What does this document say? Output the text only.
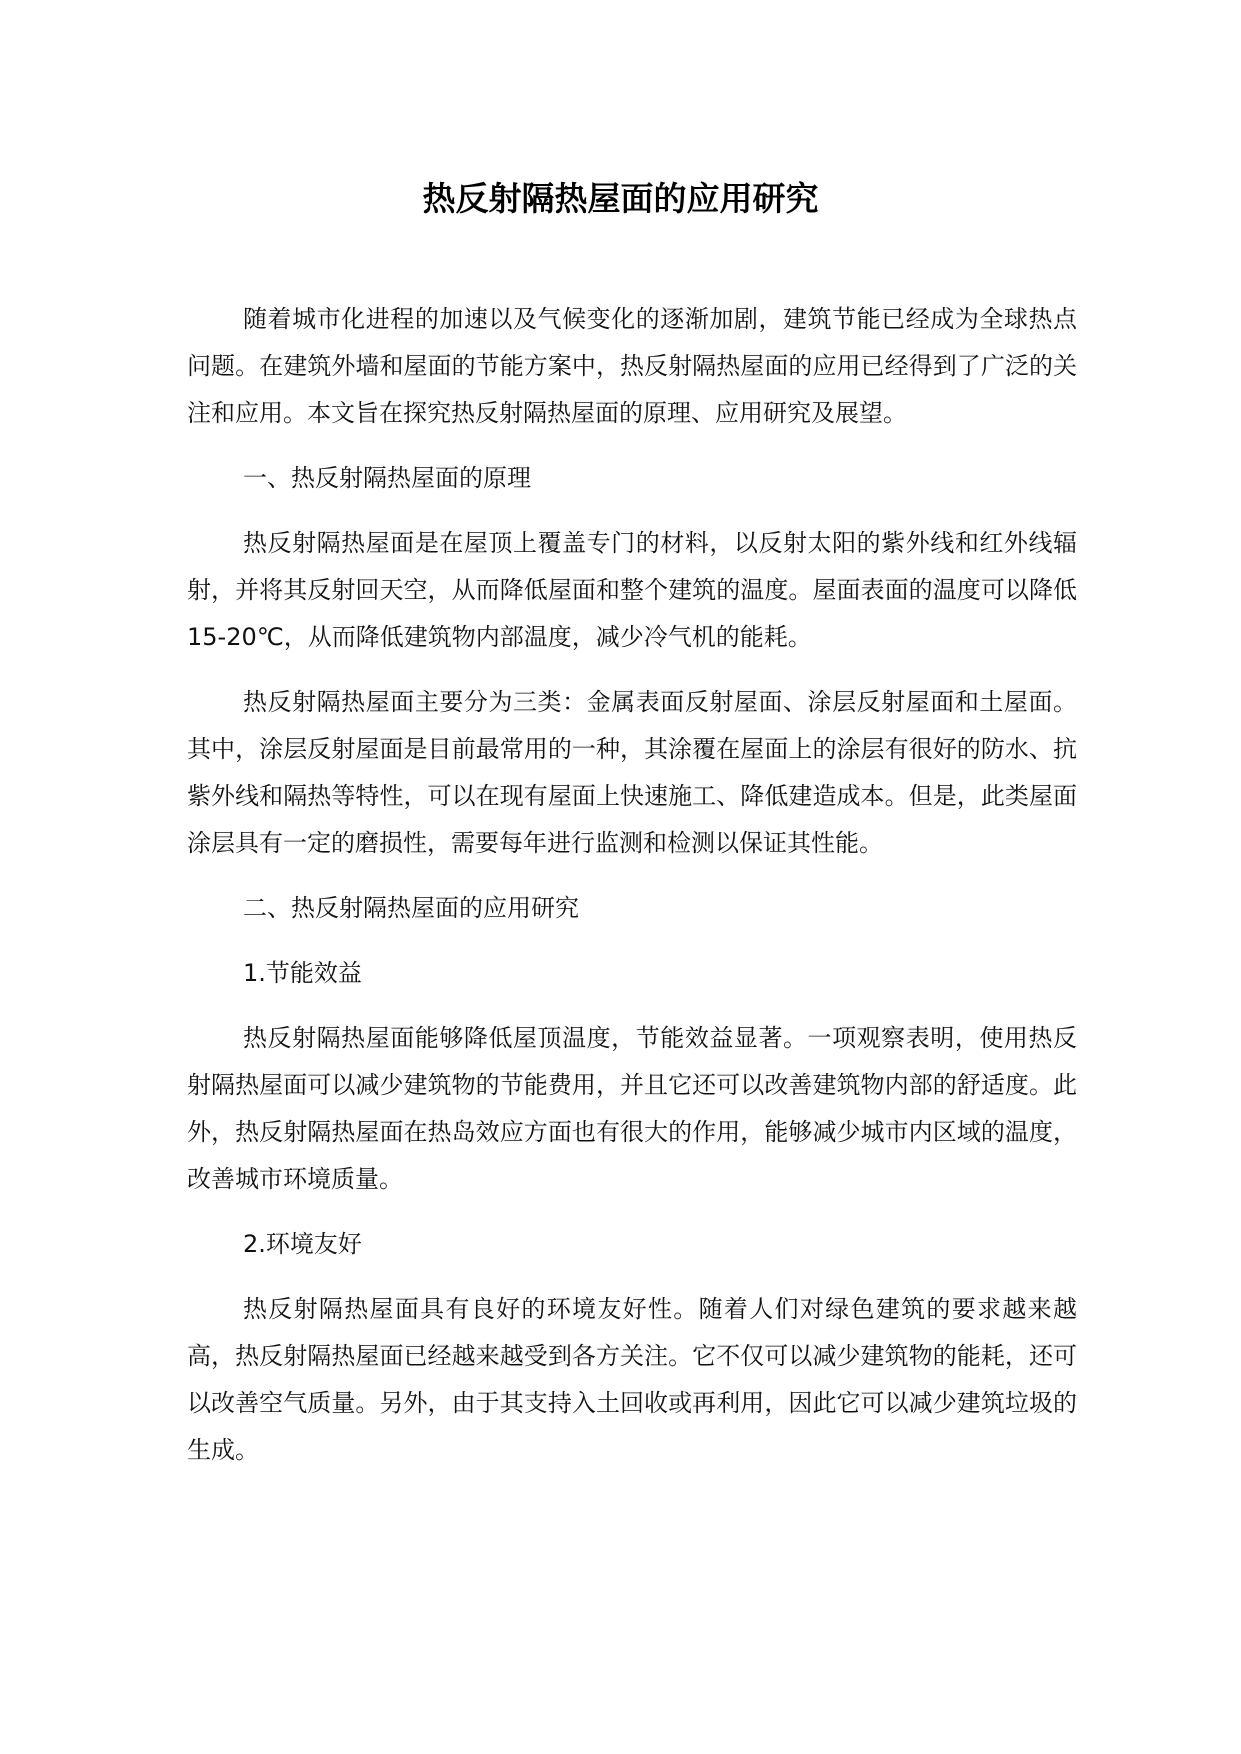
热反射隔热屋面的应用研究

随着城市化进程的加速以及气候变化的逐渐加剧，建筑节能已经成为全球热点问题。在建筑外墙和屋面的节能方案中，热反射隔热屋面的应用已经得到了广泛的关注和应用。本文旨在探究热反射隔热屋面的原理、应用研究及展望。

一、热反射隔热屋面的原理

热反射隔热屋面是在屋顶上覆盖专门的材料，以反射太阳的紫外线和红外线辐射，并将其反射回天空，从而降低屋面和整个建筑的温度。屋面表面的温度可以降低 15-20℃，从而降低建筑物内部温度，减少冷气机的能耗。

热反射隔热屋面主要分为三类：金属表面反射屋面、涂层反射屋面和土屋面。其中，涂层反射屋面是目前最常用的一种，其涂覆在屋面上的涂层有很好的防水、抗紫外线和隔热等特性，可以在现有屋面上快速施工、降低建造成本。但是，此类屋面涂层具有一定的磨损性，需要每年进行监测和检测以保证其性能。

二、热反射隔热屋面的应用研究

1.节能效益

热反射隔热屋面能够降低屋顶温度，节能效益显著。一项观察表明，使用热反射隔热屋面可以减少建筑物的节能费用，并且它还可以改善建筑物内部的舒适度。此外，热反射隔热屋面在热岛效应方面也有很大的作用，能够减少城市内区域的温度，改善城市环境质量。

2.环境友好

热反射隔热屋面具有良好的环境友好性。随着人们对绿色建筑的要求越来越高，热反射隔热屋面已经越来越受到各方关注。它不仅可以减少建筑物的能耗，还可以改善空气质量。另外，由于其支持入土回收或再利用，因此它可以减少建筑垃圾的生成。
